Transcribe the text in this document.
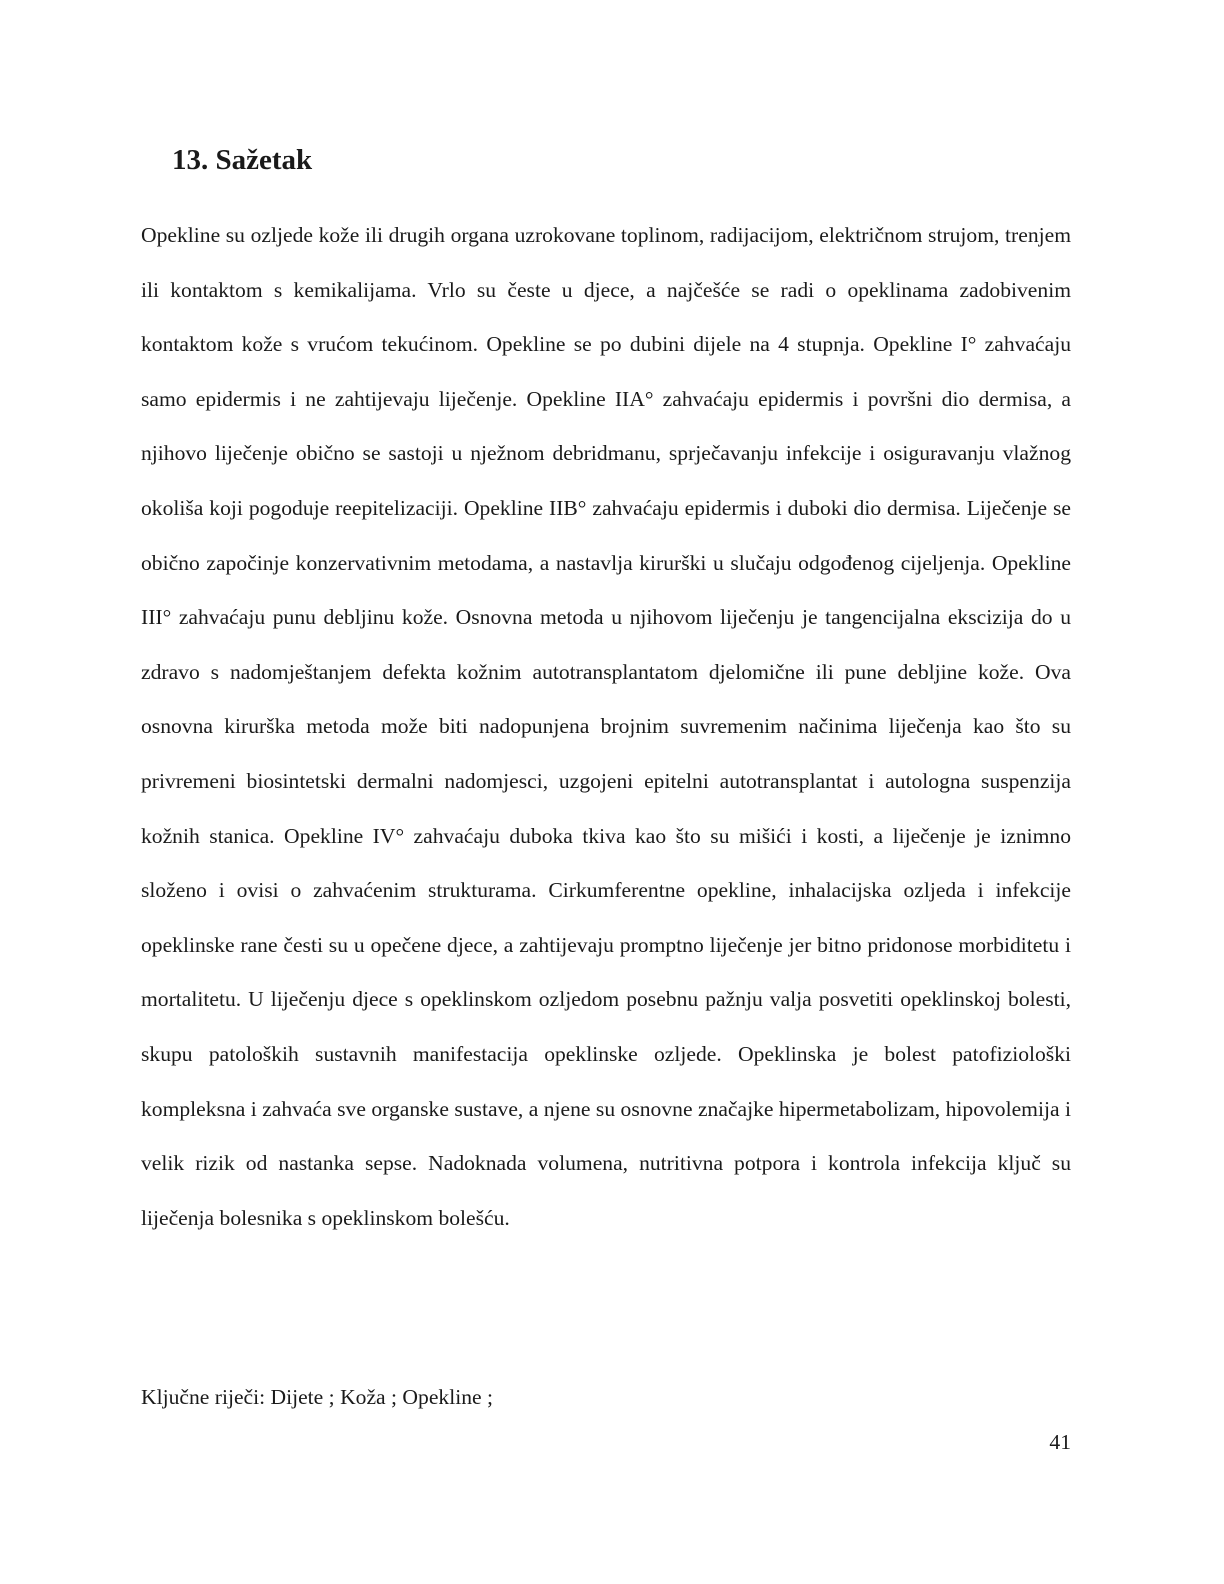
13. Sažetak

Opekline su ozljede kože ili drugih organa uzrokovane toplinom, radijacijom, električnom strujom, trenjem ili kontaktom s kemikalijama. Vrlo su česte u djece, a najčešće se radi o opeklinama zadobivenim kontaktom kože s vrućom tekućinom. Opekline se po dubini dijele na 4 stupnja. Opekline I° zahvaćaju samo epidermis i ne zahtijevaju liječenje. Opekline IIA° zahvaćaju epidermis i površni dio dermisa, a njihovo liječenje obično se sastoji u nježnom debridmanu, sprječavanju infekcije i osiguravanju vlažnog okoliša koji pogoduje reepitelizaciji. Opekline IIB° zahvaćaju epidermis i duboki dio dermisa. Liječenje se obično započinje konzervativnim metodama, a nastavlja kirurški u slučaju odgođenog cijeljenja. Opekline III° zahvaćaju punu debljinu kože. Osnovna metoda u njihovom liječenju je tangencijalna ekscizija do u zdravo s nadomještanjem defekta kožnim autotransplantatom djelomične ili pune debljine kože. Ova osnovna kirurška metoda može biti nadopunjena brojnim suvremenim načinima liječenja kao što su privremeni biosintetski dermalni nadomjesci, uzgojeni epitelni autotransplantat i autologna suspenzija kožnih stanica. Opekline IV° zahvaćaju duboka tkiva kao što su mišići i kosti, a liječenje je iznimno složeno i ovisi o zahvaćenim strukturama. Cirkumferentne opekline, inhalacijska ozljeda i infekcije opeklinske rane česti su u opečene djece, a zahtijevaju promptno liječenje jer bitno pridonose morbiditetu i mortalitetu. U liječenju djece s opeklinskom ozljedom posebnu pažnju valja posvetiti opeklinskoj bolesti, skupu patoloških sustavnih manifestacija opeklinske ozljede. Opeklinska je bolest patofiziološki kompleksna i zahvaća sve organske sustave, a njene su osnovne značajke hipermetabolizam, hipovolemija i velik rizik od nastanka sepse. Nadoknada volumena, nutritivna potpora i kontrola infekcija ključ su liječenja bolesnika s opeklinskom bolešću.

Ključne riječi: Dijete ; Koža ; Opekline ;

41
